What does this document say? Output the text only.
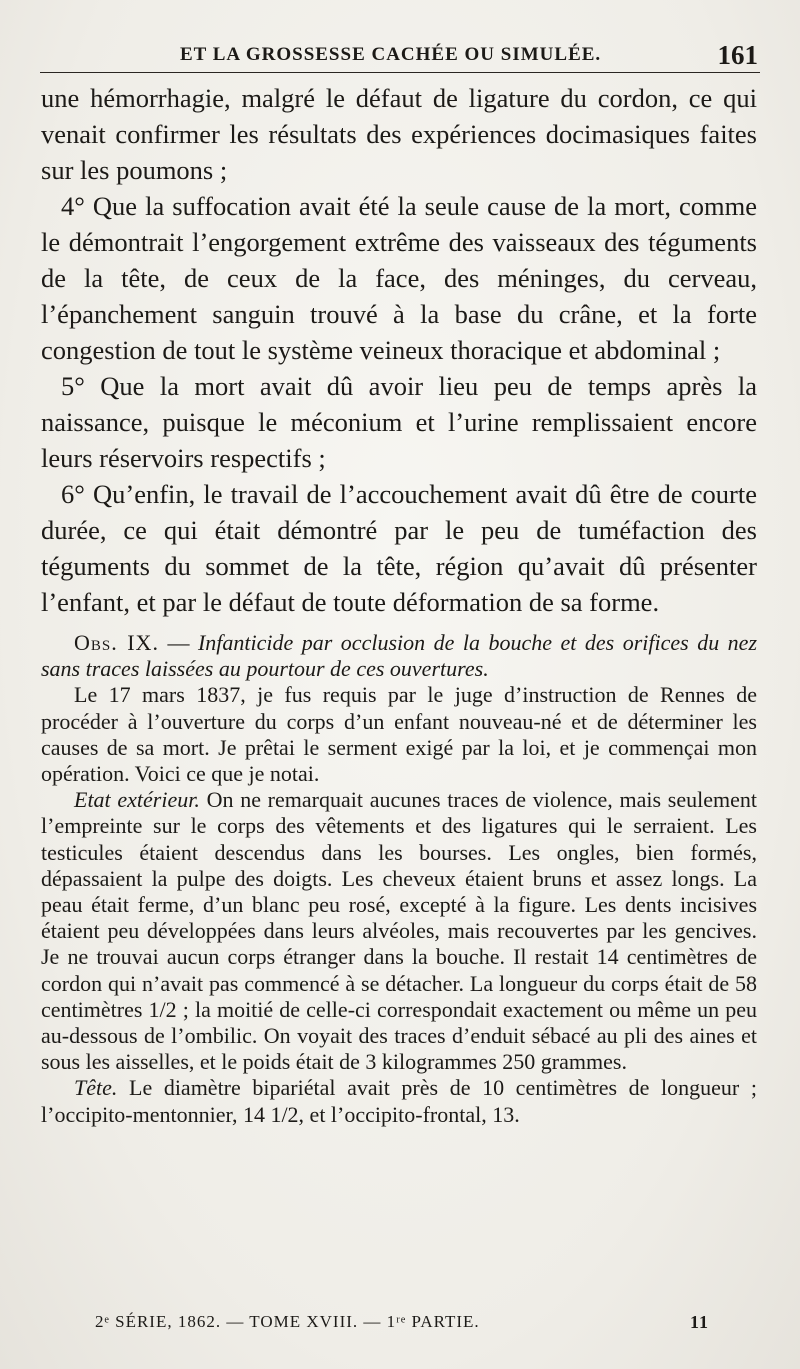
ET LA GROSSESSE CACHÉE OU SIMULÉE.	161

une hémorrhagie, malgré le défaut de ligature du cordon, ce qui venait confirmer les résultats des expériences docimasiques faites sur les poumons ;

4° Que la suffocation avait été la seule cause de la mort, comme le démontrait l’engorgement extrême des vaisseaux des téguments de la tête, de ceux de la face, des méninges, du cerveau, l’épanchement sanguin trouvé à la base du crâne, et la forte congestion de tout le système veineux thoracique et abdominal ;

5° Que la mort avait dû avoir lieu peu de temps après la naissance, puisque le méconium et l’urine remplissaient encore leurs réservoirs respectifs ;

6° Qu’enfin, le travail de l’accouchement avait dû être de courte durée, ce qui était démontré par le peu de tuméfaction des téguments du sommet de la tête, région qu’avait dû présenter l’enfant, et par le défaut de toute déformation de sa forme.

Obs. IX. — Infanticide par occlusion de la bouche et des orifices du nez sans traces laissées au pourtour de ces ouvertures.

Le 17 mars 1837, je fus requis par le juge d’instruction de Rennes de procéder à l’ouverture du corps d’un enfant nouveau-né et de déterminer les causes de sa mort. Je prêtai le serment exigé par la loi, et je commençai mon opération. Voici ce que je notai.

Etat extérieur. On ne remarquait aucunes traces de violence, mais seulement l’empreinte sur le corps des vêtements et des ligatures qui le serraient. Les testicules étaient descendus dans les bourses. Les ongles, bien formés, dépassaient la pulpe des doigts. Les cheveux étaient bruns et assez longs. La peau était ferme, d’un blanc peu rosé, excepté à la figure. Les dents incisives étaient peu développées dans leurs alvéoles, mais recouvertes par les gencives. Je ne trouvai aucun corps étranger dans la bouche. Il restait 14 centimètres de cordon qui n’avait pas commencé à se détacher. La longueur du corps était de 58 centimètres 1/2 ; la moitié de celle-ci correspondait exactement ou même un peu au-dessous de l’ombilic. On voyait des traces d’enduit sébacé au pli des aines et sous les aisselles, et le poids était de 3 kilogrammes 250 grammes.

Tête. Le diamètre bipariétal avait près de 10 centimètres de longueur ; l’occipito-mentonnier, 14 1/2, et l’occipito-frontal, 13.

2ᵉ SÉRIE, 1862. — TOME XVIII. — 1ʳᵉ PARTIE.	11
